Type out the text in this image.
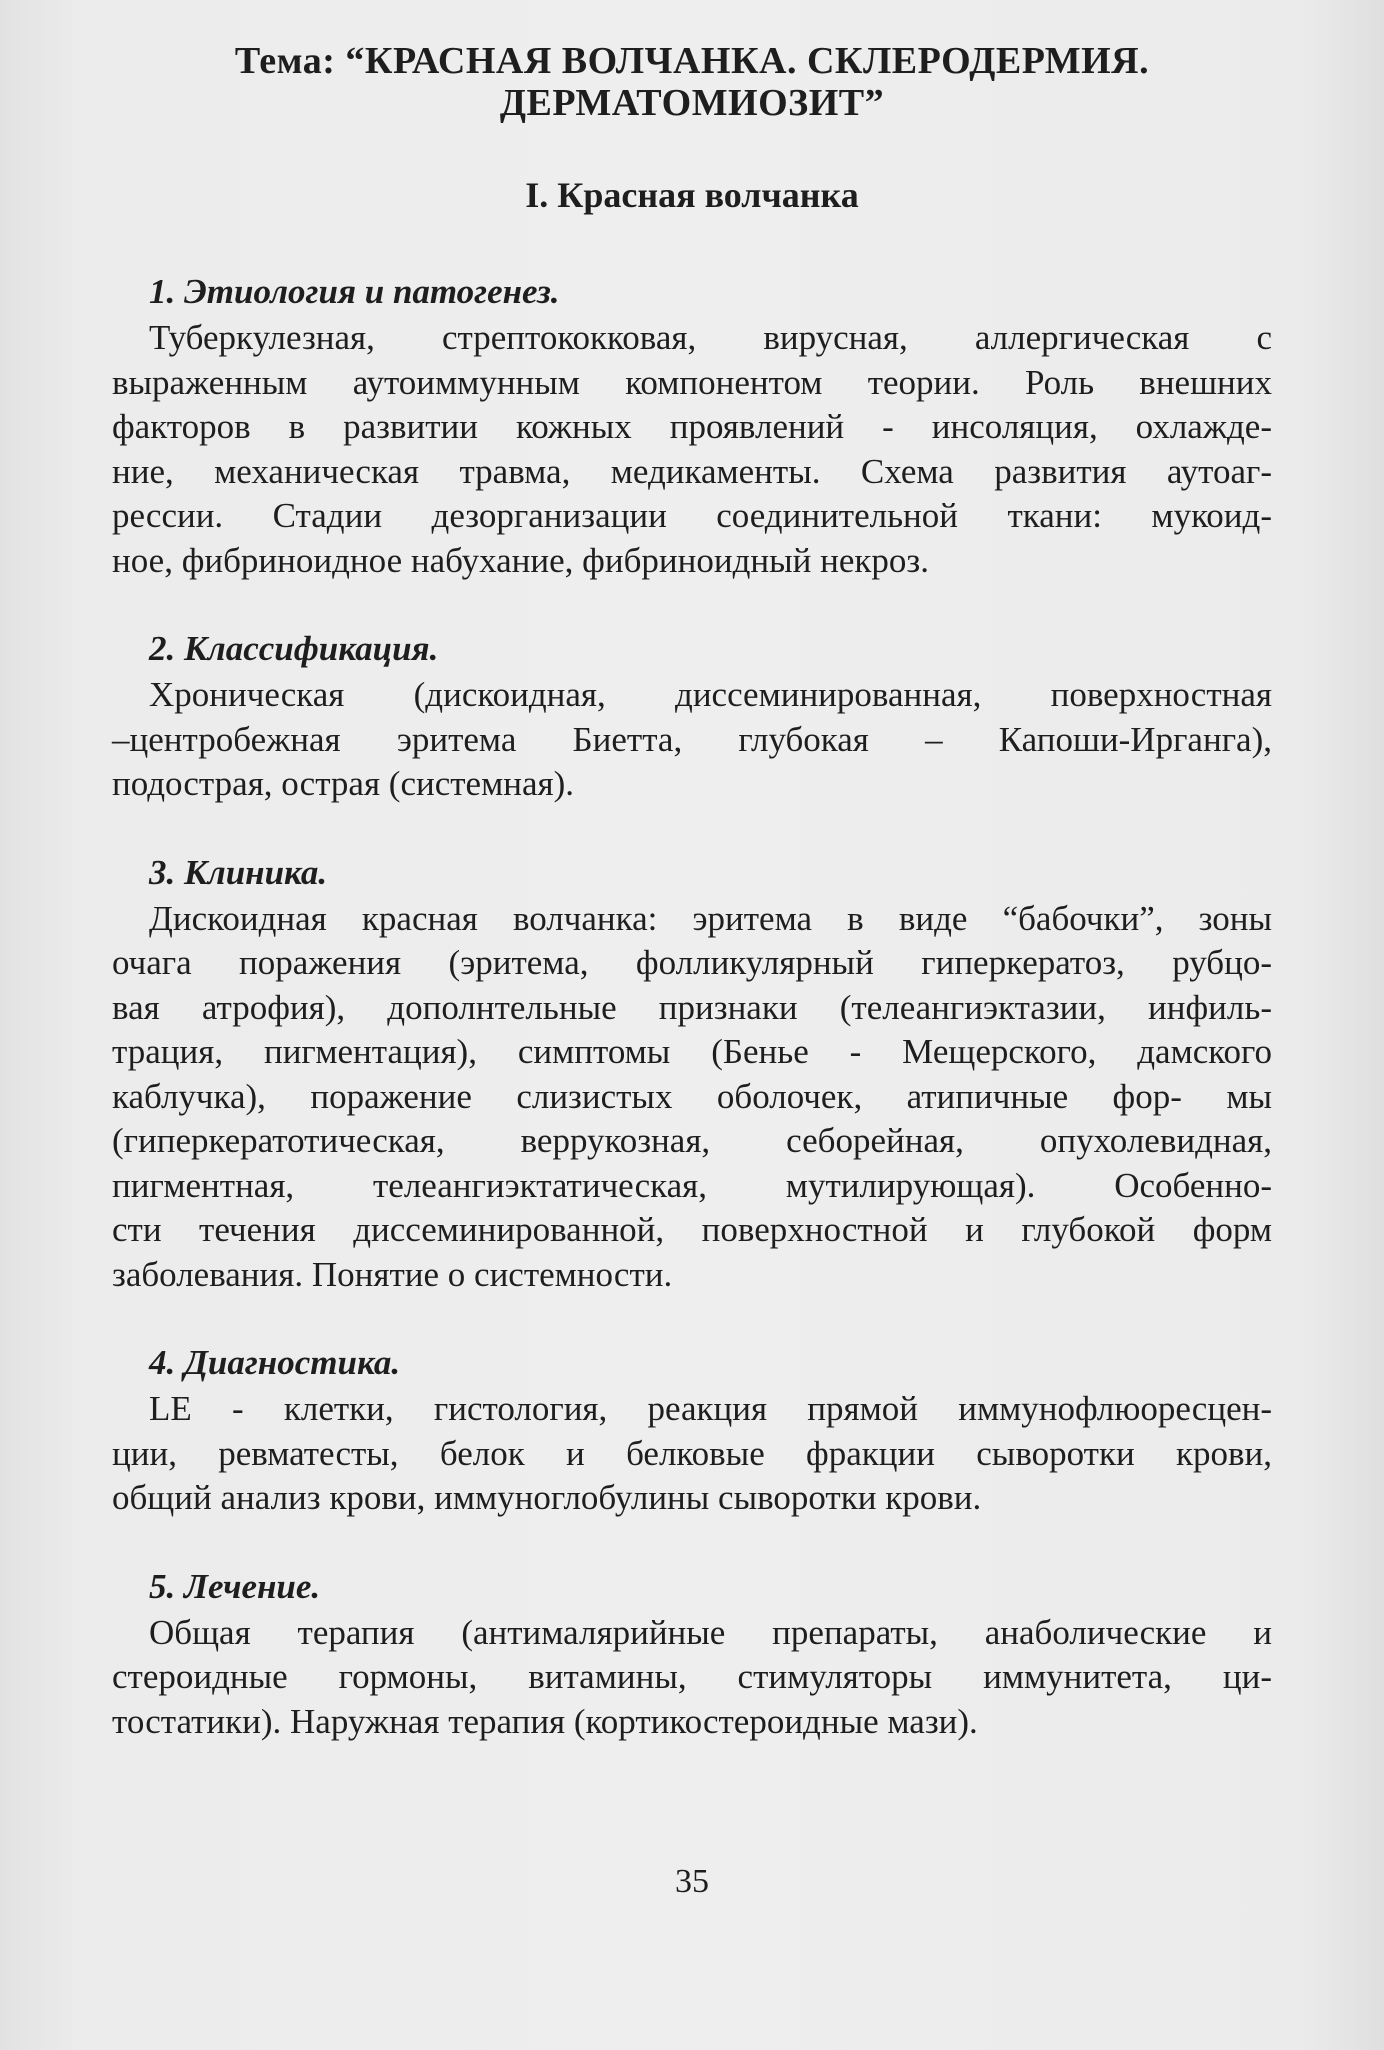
Тема: “КРАСНАЯ ВОЛЧАНКА. СКЛЕРОДЕРМИЯ.
ДЕРМАТОМИОЗИТ”
I. Красная волчанка
1. Этиология и патогенез.
Туберкулезная, стрептококковая, вирусная, аллергическая с
выраженным аутоиммунным компонентом теории. Роль внешних
факторов в развитии кожных проявлений - инсоляция, охлажде-
ние, механическая травма, медикаменты. Схема развития аутоаг-
рессии. Стадии дезорганизации соединительной ткани: мукоид-
ное, фибриноидное набухание, фибриноидный некроз.
2. Классификация.
Хроническая (дискоидная, диссеминированная, поверхностная
–центробежная эритема Биетта, глубокая – Капоши-Ирганга),
подострая, острая (системная).
3. Клиника.
Дискоидная красная волчанка: эритема в виде “бабочки”, зоны
очага поражения (эритема, фолликулярный гиперкератоз, рубцо-
вая атрофия), дополнтельные признаки (телеангиэктазии, инфиль-
трация, пигментация), симптомы (Бенье - Мещерского, дамского
каблучка), поражение слизистых оболочек, атипичные фор- мы
(гиперкератотическая, веррукозная, себорейная, опухолевидная,
пигментная, телеангиэктатическая, мутилирующая). Особенно-
сти течения диссеминированной, поверхностной и глубокой форм
заболевания. Понятие о системности.
4. Диагностика.
LE - клетки, гистология, реакция прямой иммунофлюоресцен-
ции, ревматесты, белок и белковые фракции сыворотки крови,
общий анализ крови, иммуноглобулины сыворотки крови.
5. Лечение.
Общая терапия (антималярийные препараты, анаболические и
стероидные гормоны, витамины, стимуляторы иммунитета, ци-
тостатики). Наружная терапия (кортикостероидные мази).
35
